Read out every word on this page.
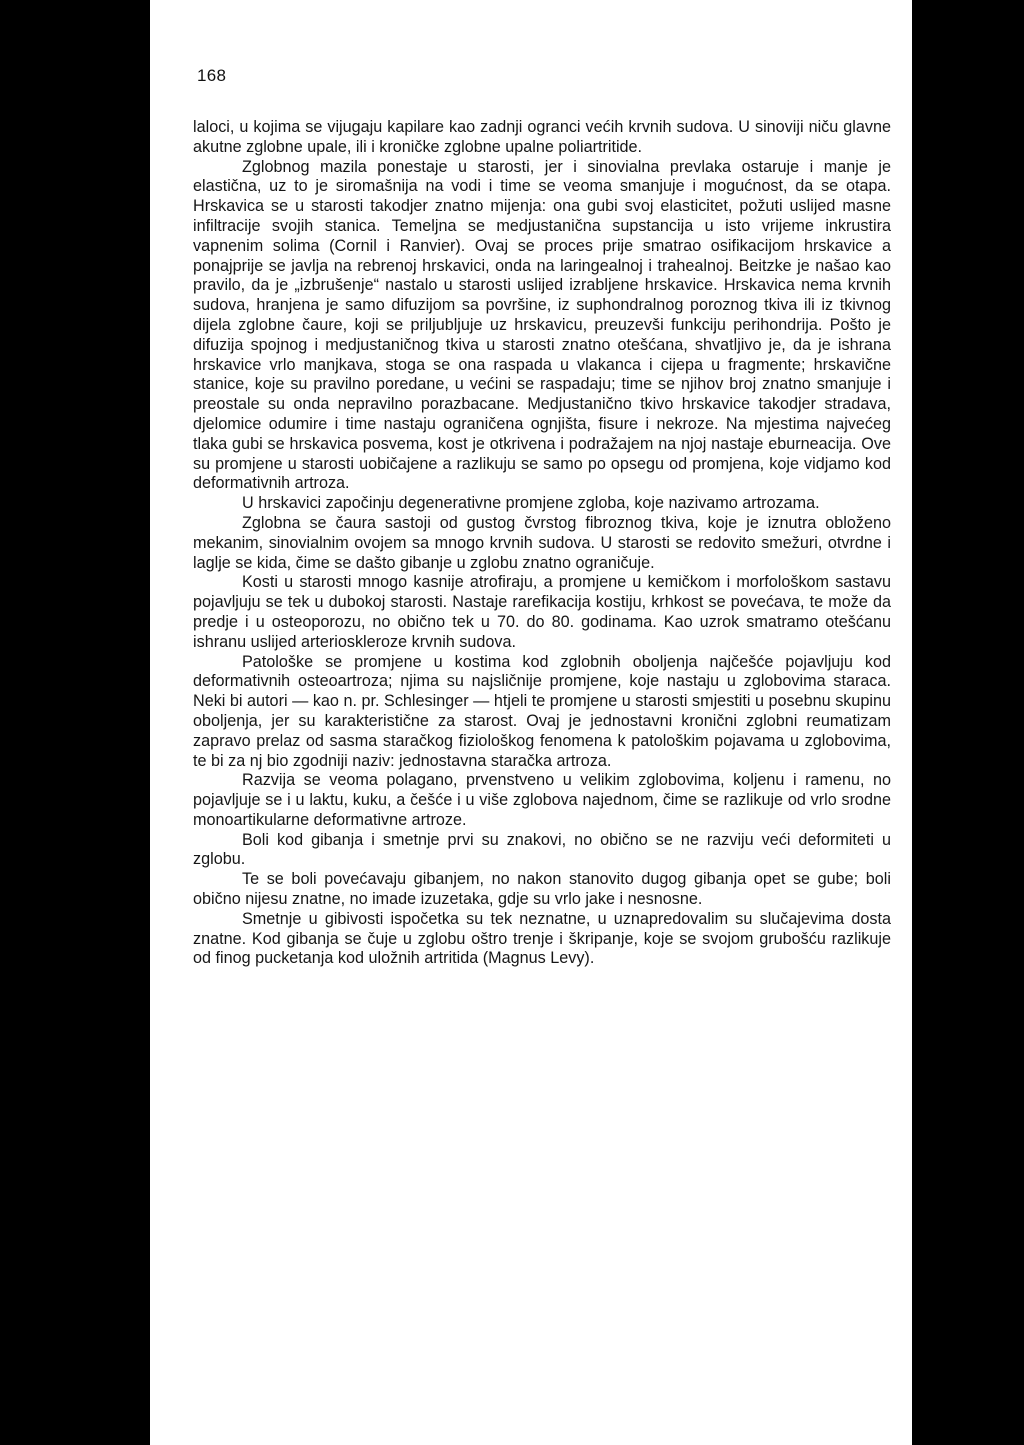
168

laloci, u kojima se vijugaju kapilare kao zadnji ogranci većih krvnih sudova. U sinoviji niču glavne akutne zglobne upale, ili i kroničke zglobne upalne poliartritide.

Zglobnog mazila ponestaje u starosti, jer i sinovialna prevlaka ostaruje i manje je elastična, uz to je siromašnija na vodi i time se veoma smanjuje i mogućnost, da se otapa. Hrskavica se u starosti takodjer znatno mijenja: ona gubi svoj elasticitet, požuti uslijed masne infiltracije svojih stanica. Temeljna se medjustanična supstancija u isto vrijeme inkrustira vapnenim solima (Cornil i Ranvier). Ovaj se proces prije smatrao osifikacijom hrskavice a ponajprije se javlja na rebrenoj hrskavici, onda na laringealnoj i trahealnoj. Beitzke je našao kao pravilo, da je „izbrušenje“ nastalo u starosti uslijed izrabljene hrskavice. Hrskavica nema krvnih sudova, hranjena je samo difuzijom sa površine, iz suphondralnog poroznog tkiva ili iz tkivnog dijela zglobne čaure, koji se priljubljuje uz hrskavicu, preuzevši funkciju perihondrija. Pošto je difuzija spojnog i medjustaničnog tkiva u starosti znatno otešćana, shvatljivo je, da je ishrana hrskavice vrlo manjkava, stoga se ona raspada u vlakanca i cijepa u fragmente; hrskavične stanice, koje su pravilno poredane, u većini se raspadaju; time se njihov broj znatno smanjuje i preostale su onda nepravilno porazbacane. Medjustanično tkivo hrskavice takodjer stradava, djelomice odumire i time nastaju ograničena ognjišta, fisure i nekroze. Na mjestima najvećeg tlaka gubi se hrskavica posvema, kost je otkrivena i podražajem na njoj nastaje eburneacija. Ove su promjene u starosti uobičajene a razlikuju se samo po opsegu od promjena, koje vidjamo kod deformativnih artroza.

U hrskavici započinju degenerativne promjene zgloba, koje nazivamo artrozama.

Zglobna se čaura sastoji od gustog čvrstog fibroznog tkiva, koje je iznutra obloženo mekanim, sinovialnim ovojem sa mnogo krvnih sudova. U starosti se redovito smežuri, otvrdne i laglje se kida, čime se dašto gibanje u zglobu znatno ograničuje.

Kosti u starosti mnogo kasnije atrofiraju, a promjene u kemičkom i morfološkom sastavu pojavljuju se tek u dubokoj starosti. Nastaje rarefikacija kostiju, krhkost se povećava, te može da predje i u osteoporozu, no obično tek u 70. do 80. godinama. Kao uzrok smatramo otešćanu ishranu uslijed arterioskleroze krvnih sudova.

Patološke se promjene u kostima kod zglobnih oboljenja najčešće pojavljuju kod deformativnih osteoartroza; njima su najsličnije promjene, koje nastaju u zglobovima staraca. Neki bi autori — kao n. pr. Schlesinger — htjeli te promjene u starosti smjestiti u posebnu skupinu oboljenja, jer su karakteristične za starost. Ovaj je jednostavni kronični zglobni reumatizam zapravo prelaz od sasma staračkog fiziološkog fenomena k patološkim pojavama u zglobovima, te bi za nj bio zgodniji naziv: jednostavna staračka artroza.

Razvija se veoma polagano, prvenstveno u velikim zglobovima, koljenu i ramenu, no pojavljuje se i u laktu, kuku, a češće i u više zglobova najednom, čime se razlikuje od vrlo srodne monoartikularne deformativne artroze.

Boli kod gibanja i smetnje prvi su znakovi, no obično se ne razviju veći deformiteti u zglobu.

Te se boli povećavaju gibanjem, no nakon stanovito dugog gibanja opet se gube; boli obično nijesu znatne, no imade izuzetaka, gdje su vrlo jake i nesnosne.

Smetnje u gibivosti ispočetka su tek neznatne, u uznapredovalim su slučajevima dosta znatne. Kod gibanja se čuje u zglobu oštro trenje i škripanje, koje se svojom grubošću razlikuje od finog pucketanja kod uložnih artritida (Magnus Levy).
